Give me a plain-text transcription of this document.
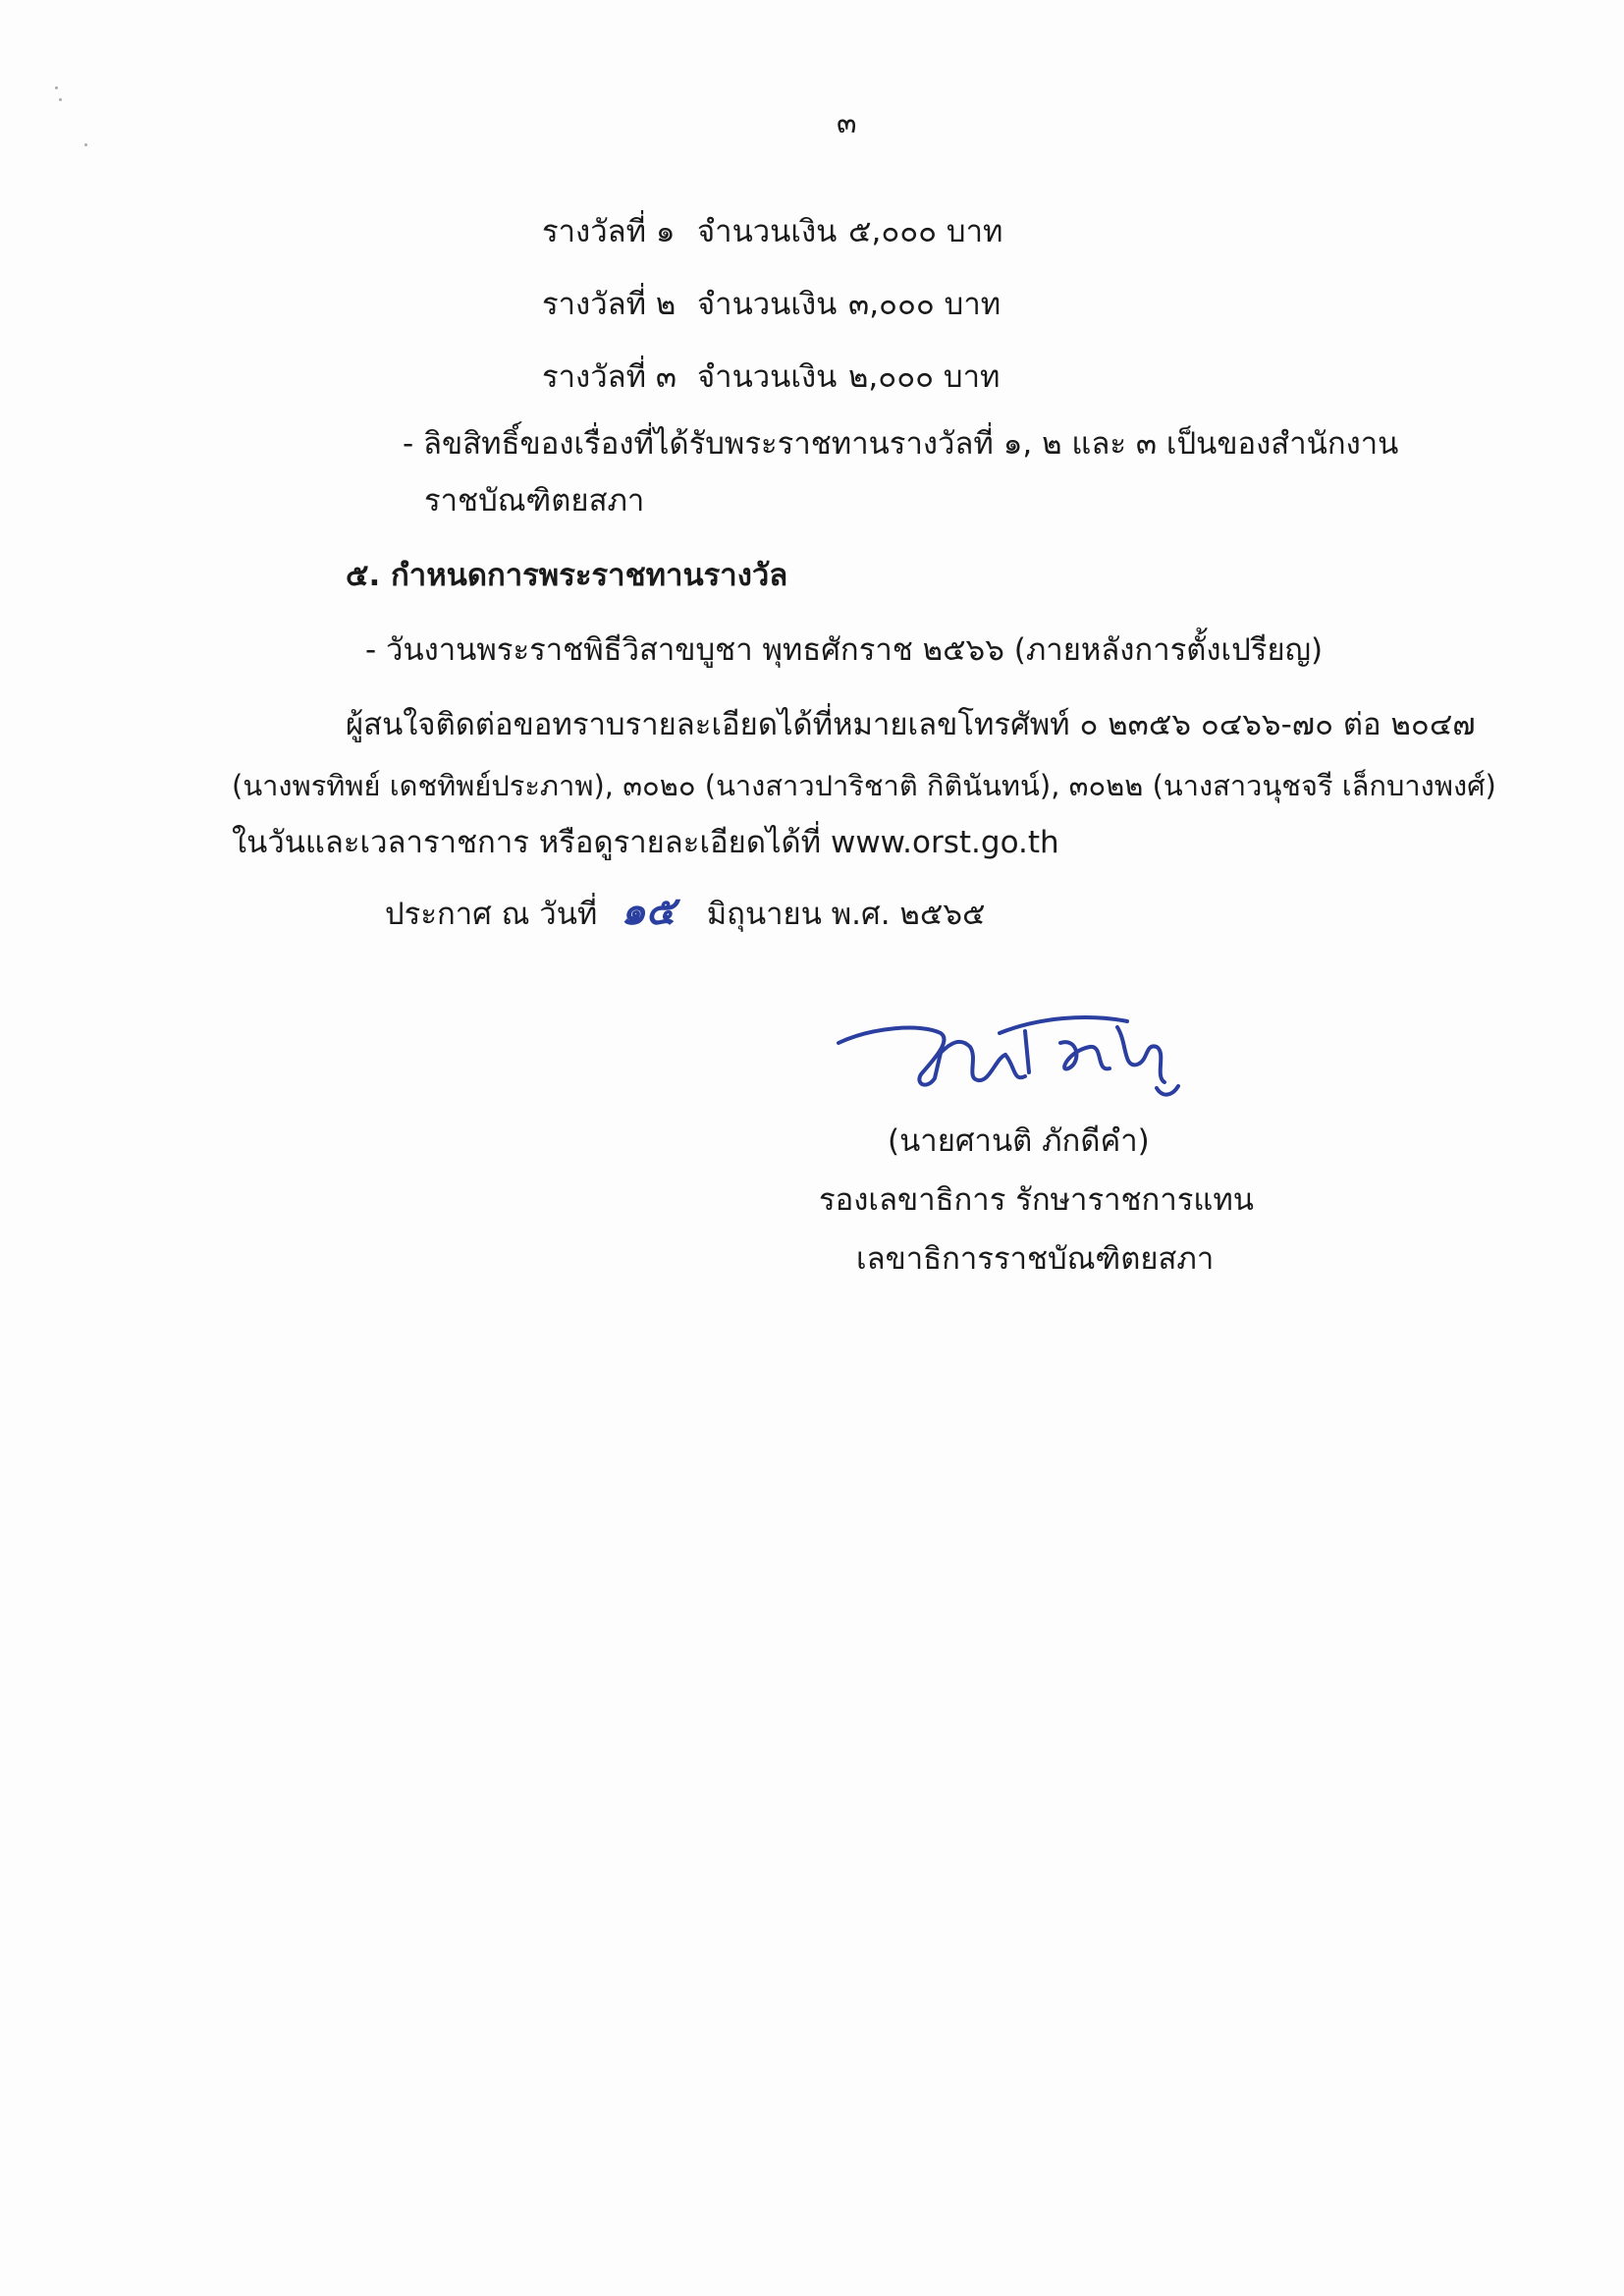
๓
รางวัลที่ ๑ จำนวนเงิน ๕,๐๐๐ บาท
รางวัลที่ ๒ จำนวนเงิน ๓,๐๐๐ บาท
รางวัลที่ ๓ จำนวนเงิน ๒,๐๐๐ บาท
- ลิขสิทธิ์ของเรื่องที่ได้รับพระราชทานรางวัลที่ ๑, ๒ และ ๓ เป็นของสำนักงาน
ราชบัณฑิตยสภา
๕. กำหนดการพระราชทานรางวัล
- วันงานพระราชพิธีวิสาขบูชา พุทธศักราช ๒๕๖๖ (ภายหลังการตั้งเปรียญ)
ผู้สนใจติดต่อขอทราบรายละเอียดได้ที่หมายเลขโทรศัพท์ ๐ ๒๓๕๖ ๐๔๖๖-๗๐ ต่อ ๒๐๔๗
(นางพรทิพย์ เดชทิพย์ประภาพ), ๓๐๒๐ (นางสาวปาริชาติ กิตินันทน์), ๓๐๒๒ (นางสาวนุชจรี เล็กบางพงศ์)
ในวันและเวลาราชการ หรือดูรายละเอียดได้ที่ www.orst.go.th
ประกาศ ณ วันที่ ๑๕ มิถุนายน พ.ศ. ๒๕๖๕
(นายศานติ ภักดีคำ)
รองเลขาธิการ รักษาราชการแทน
เลขาธิการราชบัณฑิตยสภา
